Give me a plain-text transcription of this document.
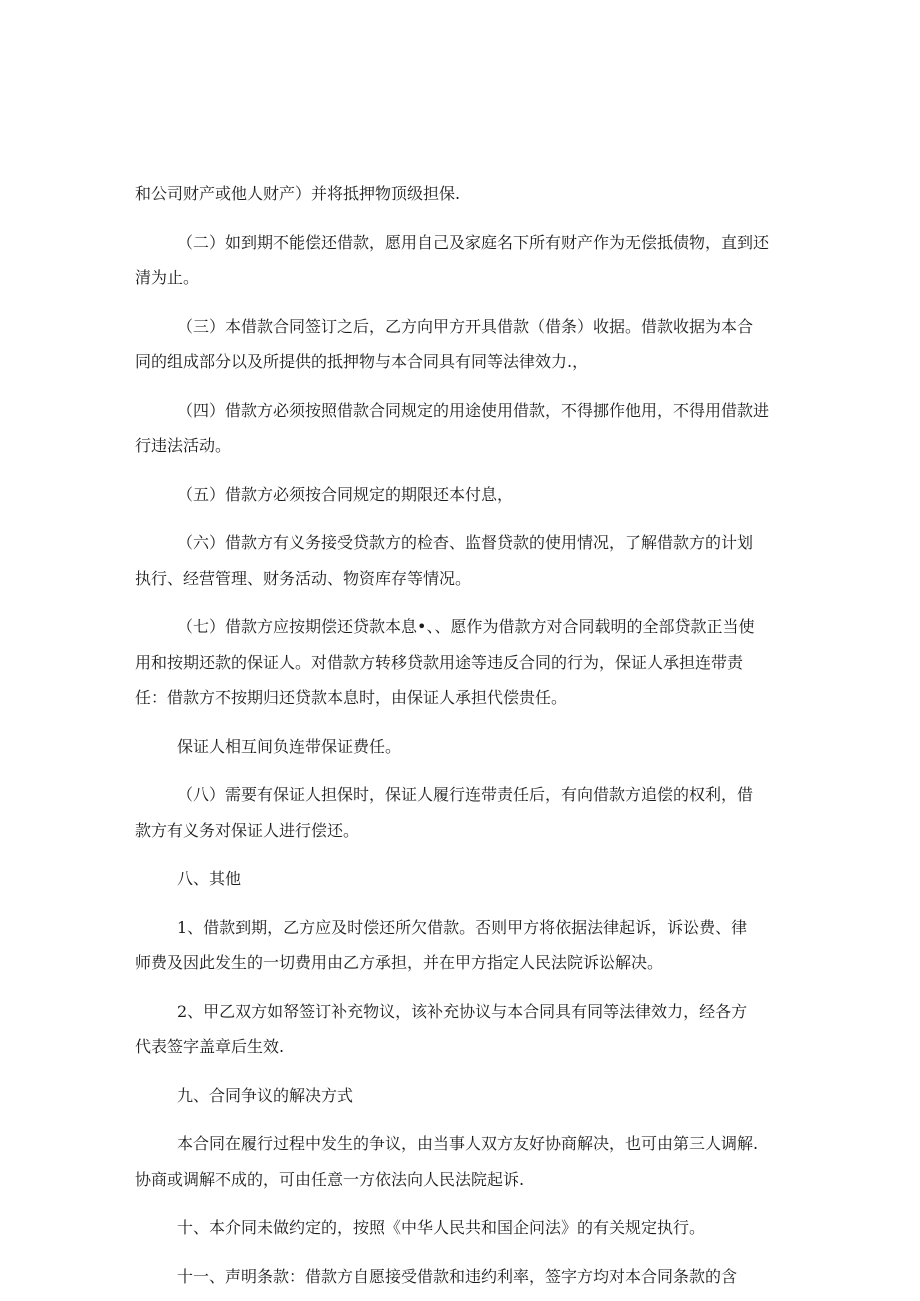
和公司财产或他人财产）并将抵押物顶级担保.

（二）如到期不能偿还借款，愿用自己及家庭名下所有财产作为无偿抵债物，直到还
清为止。

（三）本借款合同签订之后，乙方向甲方开具借款（借条）收据。借款收据为本合
同的组成部分以及所提供的抵押物与本合同具有同等法律效力.，

（四）借款方必须按照借款合同规定的用途使用借款，不得挪作他用，不得用借款进
行违法活动。

（五）借款方必须按合同规定的期限还本付息，

（六）借款方有义务接受贷款方的检杳、监督贷款的使用情况，了解借款方的计划
执行、经营管理、财务活动、物资库存等情况。

（七）借款方应按期偿还贷款本息•、、愿作为借款方对合同载明的全部贷款正当使
用和按期还款的保证人。对借款方转移贷款用途等违反合同的行为，保证人承担连带责
任：借款方不按期归还贷款本息时，由保证人承担代偿贵任。

保证人相互间负连带保证费任。

（八）需要有保证人担保时，保证人履行连带责任后，有向借款方追偿的权利，借
款方有义务对保证人进行偿还。

八、其他

1、借款到期，乙方应及时偿还所欠借款。否则甲方将依据法律起诉，诉讼费、律
师费及因此发生的一切费用由乙方承担，并在甲方指定人民法院诉讼解决。

2、甲乙双方如帑签订补充物议，该补充协议与本合同具有同等法律效力，经各方
代表签字盖章后生效.

九、合同争议的解决方式

本合同在履行过程中发生的争议，由当事人双方友好协商解决，也可由第三人调解.
协商或调解不成的，可由任意一方依法向人民法院起诉.

十、本介同未做约定的，按照《中华人民共和国企问法》的有关规定执行。

十一、声明条款：借款方自愿接受借款和违约利率，签字方均对本合同条款的含
